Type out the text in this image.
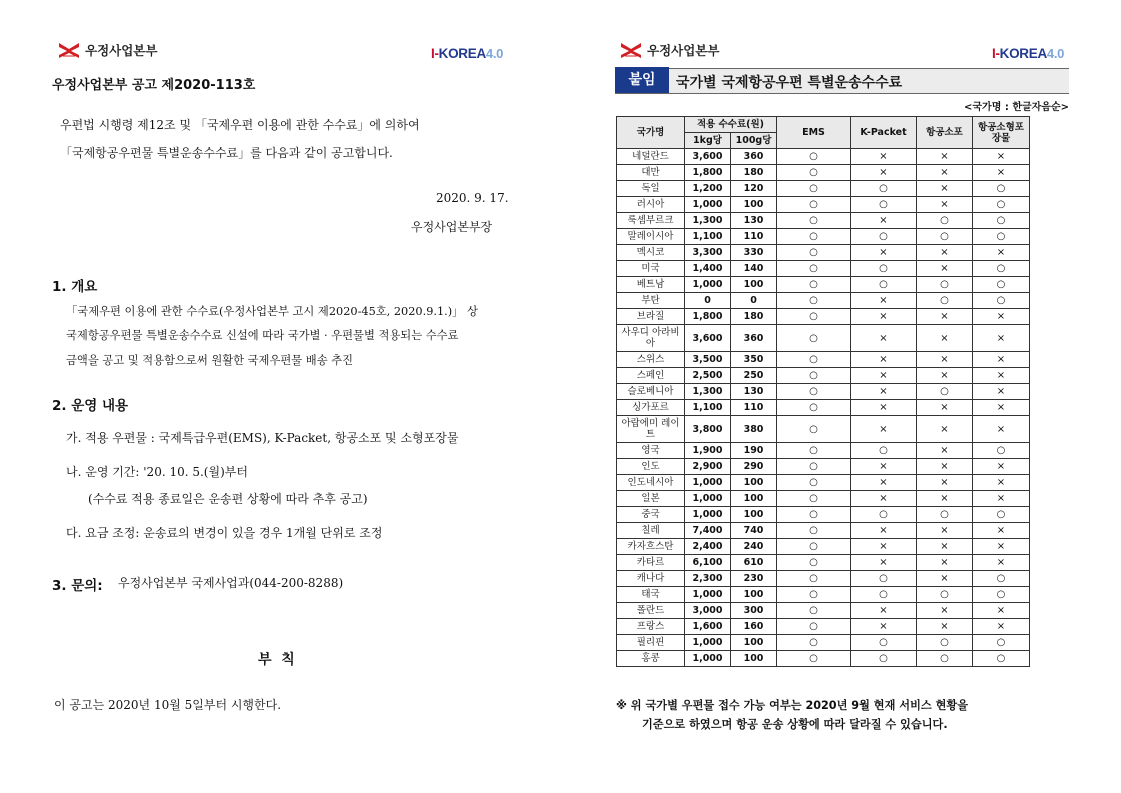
우정사업본부	I-KOREA4.0
우정사업본부 공고 제2020-113호
우편법 시행령 제12조 및 「국제우편 이용에 관한 수수료」에 의하여
「국제항공우편물 특별운송수수료」를 다음과 같이 공고합니다.
2020. 9. 17.
우정사업본부장
1. 개요
「국제우편 이용에 관한 수수료(우정사업본부 고시 제2020-45호, 2020.9.1.)」 상
국제항공우편물 특별운송수수료 신설에 따라 국가별 · 우편물별 적용되는 수수료
금액을 공고 및 적용함으로써 원활한 국제우편물 배송 추진
2. 운영 내용
가. 적용 우편물 : 국제특급우편(EMS), K-Packet, 항공소포 및 소형포장물
나. 운영 기간: '20. 10. 5.(월)부터
(수수료 적용 종료일은 운송편 상황에 따라 추후 공고)
다. 요금 조정: 운송료의 변경이 있을 경우 1개월 단위로 조정
3. 문의: 우정사업본부 국제사업과(044-200-8288)
부  칙
이 공고는 2020년 10월 5일부터 시행한다.
우정사업본부	I-KOREA4.0
붙임	국가별 국제항공우편 특별운송수수료
<국가명 : 한글자음순>
국가명	적용 수수료(원)		EMS	K-Packet	항공소포	항공소형포장물
	1kg당	100g당				
네덜란드	3,600	360	○	×	×	×
대만	1,800	180	○	×	×	×
독일	1,200	120	○	○	×	○
러시아	1,000	100	○	○	×	○
룩셈부르크	1,300	130	○	×	○	○
말레이시아	1,100	110	○	○	○	○
멕시코	3,300	330	○	×	×	×
미국	1,400	140	○	○	×	○
베트남	1,000	100	○	○	○	○
부탄	0	0	○	×	○	○
브라질	1,800	180	○	×	×	×
사우디 아라비아	3,600	360	○	×	×	×
스위스	3,500	350	○	×	×	×
스페인	2,500	250	○	×	×	×
슬로베니아	1,300	130	○	×	○	×
싱가포르	1,100	110	○	×	×	×
아랍에미 레이트	3,800	380	○	×	×	×
영국	1,900	190	○	○	×	○
인도	2,900	290	○	×	×	×
인도네시아	1,000	100	○	×	×	×
일본	1,000	100	○	×	×	×
중국	1,000	100	○	○	○	○
칠레	7,400	740	○	×	×	×
카자흐스탄	2,400	240	○	×	×	×
카타르	6,100	610	○	×	×	×
캐나다	2,300	230	○	○	×	○
태국	1,000	100	○	○	○	○
폴란드	3,000	300	○	×	×	×
프랑스	1,600	160	○	×	×	×
필리핀	1,000	100	○	○	○	○
홍콩	1,000	100	○	○	○	○
※ 위 국가별 우편물 접수 가능 여부는 2020년 9월 현재 서비스 현황을
기준으로 하였으며 항공 운송 상황에 따라 달라질 수 있습니다.
